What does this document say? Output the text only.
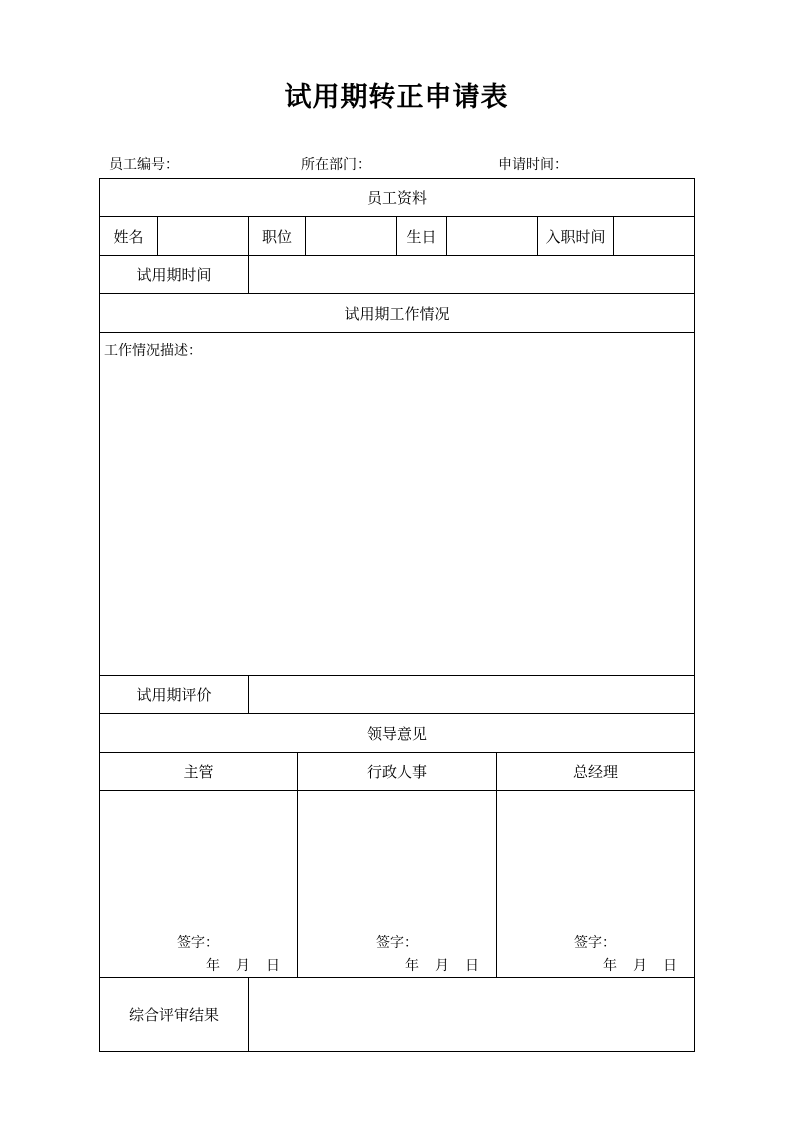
试用期转正申请表
员工编号：	所在部门：	申请时间：
员工资料
姓名	职位	生日	入职时间
试用期时间
试用期工作情况
工作情况描述：
试用期评价
领导意见
主管	行政人事	总经理
签字：
年 月 日
签字：
年 月 日
签字：
年 月 日
综合评审结果
